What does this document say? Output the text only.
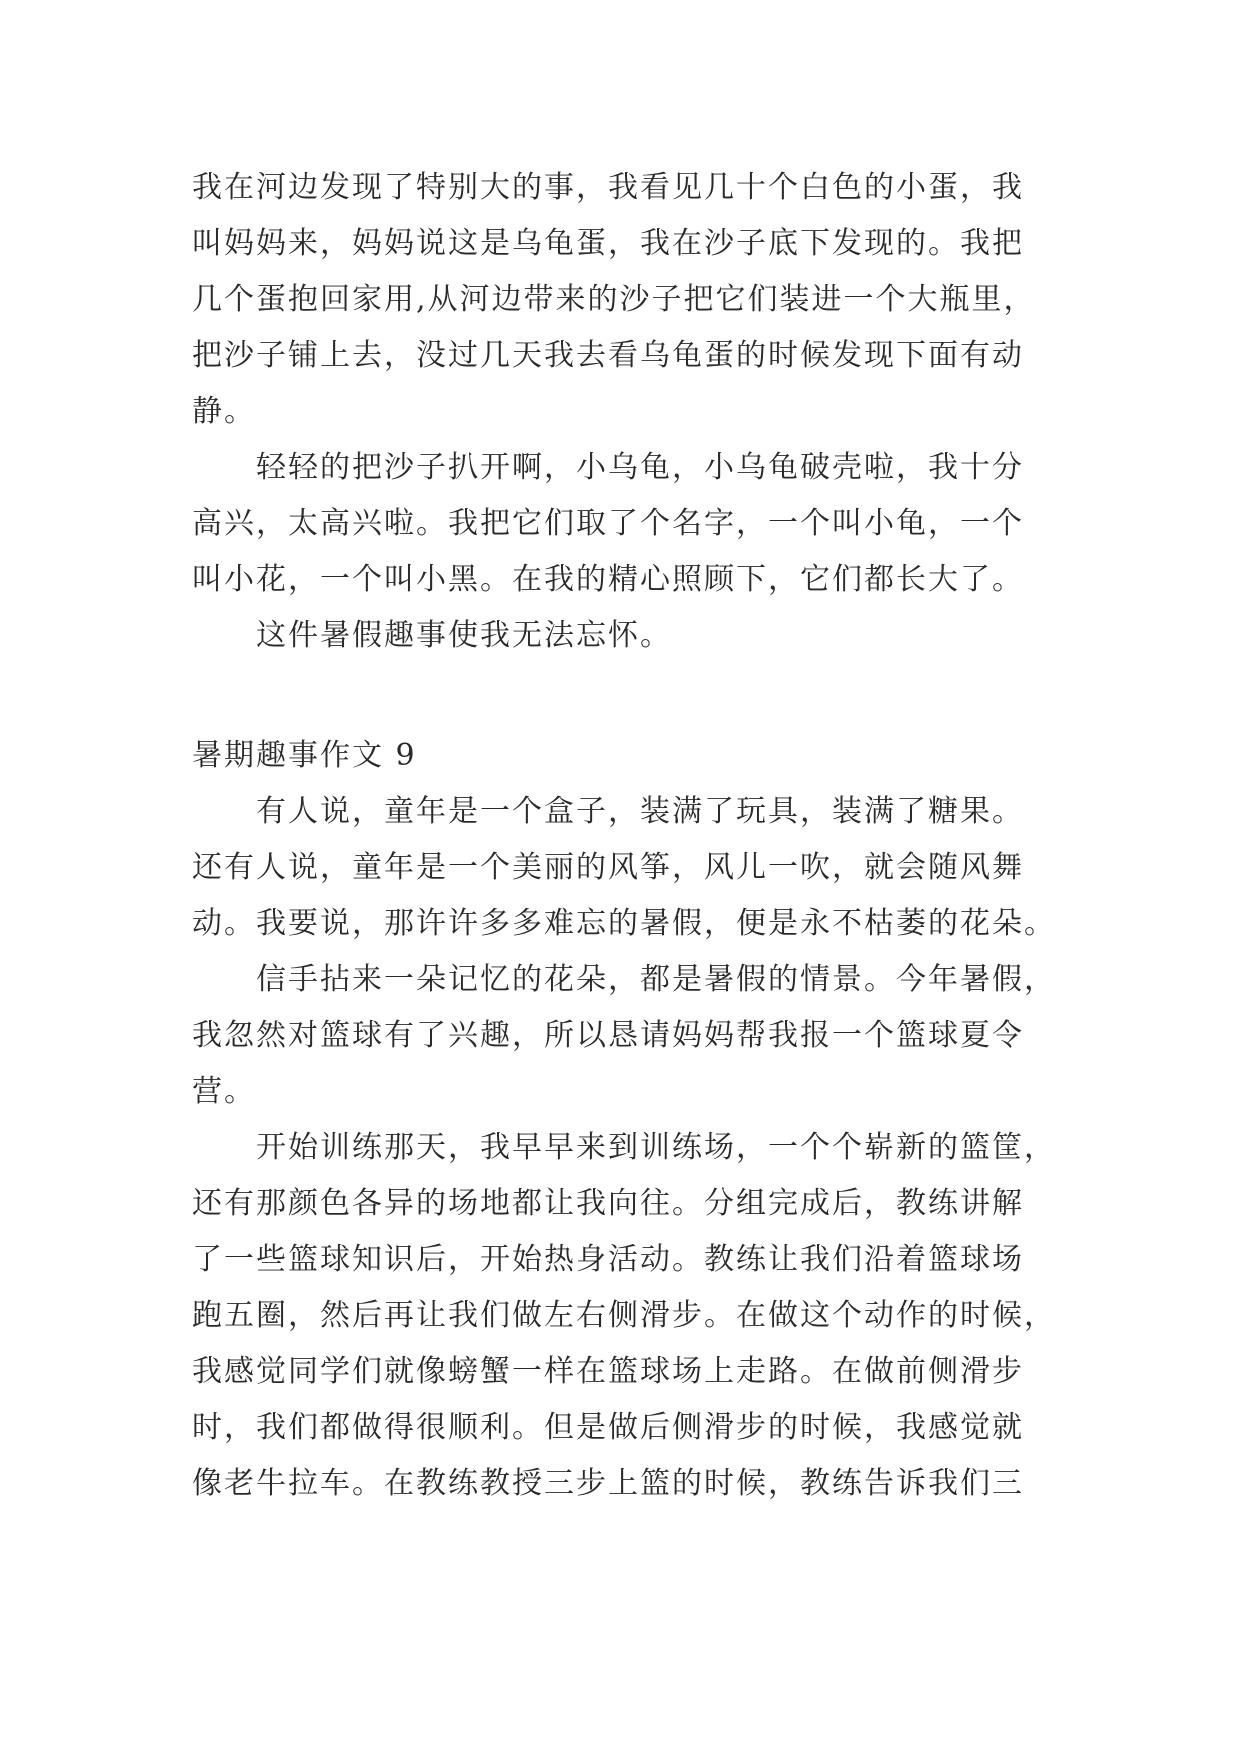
我在河边发现了特别大的事，我看见几十个白色的小蛋，我
叫妈妈来，妈妈说这是乌龟蛋，我在沙子底下发现的。我把
几个蛋抱回家用,从河边带来的沙子把它们装进一个大瓶里，
把沙子铺上去，没过几天我去看乌龟蛋的时候发现下面有动
静。
轻轻的把沙子扒开啊，小乌龟，小乌龟破壳啦，我十分
高兴，太高兴啦。我把它们取了个名字，一个叫小龟，一个
叫小花，一个叫小黑。在我的精心照顾下，它们都长大了。
这件暑假趣事使我无法忘怀。
暑期趣事作文 9
有人说，童年是一个盒子，装满了玩具，装满了糖果。
还有人说，童年是一个美丽的风筝，风儿一吹，就会随风舞
动。我要说，那许许多多难忘的暑假，便是永不枯萎的花朵。
信手拈来一朵记忆的花朵，都是暑假的情景。今年暑假，
我忽然对篮球有了兴趣，所以恳请妈妈帮我报一个篮球夏令
营。
开始训练那天，我早早来到训练场，一个个崭新的篮筐，
还有那颜色各异的场地都让我向往。分组完成后，教练讲解
了一些篮球知识后，开始热身活动。教练让我们沿着篮球场
跑五圈，然后再让我们做左右侧滑步。在做这个动作的时候，
我感觉同学们就像螃蟹一样在篮球场上走路。在做前侧滑步
时，我们都做得很顺利。但是做后侧滑步的时候，我感觉就
像老牛拉车。在教练教授三步上篮的时候，教练告诉我们三
